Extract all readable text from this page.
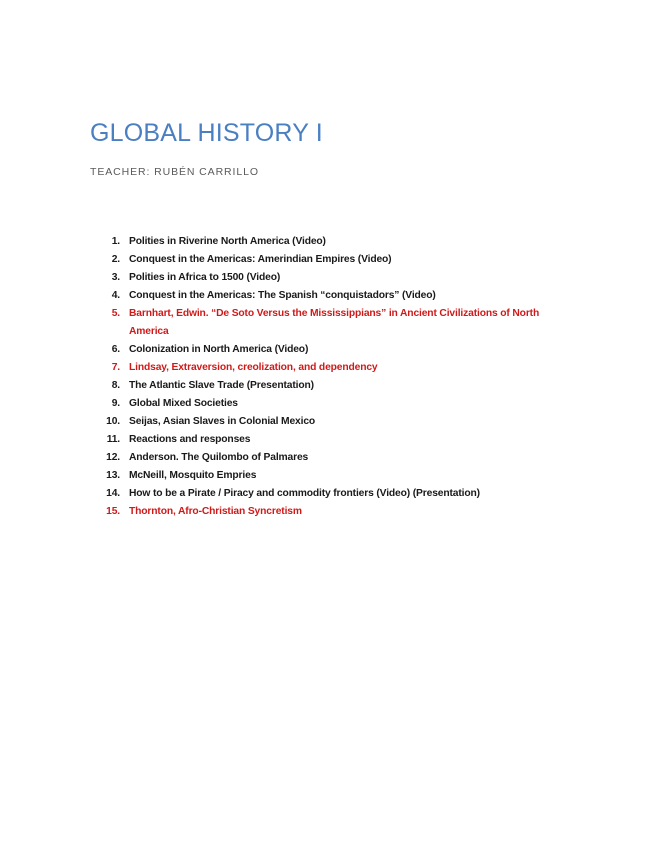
GLOBAL HISTORY I

TEACHER: RUBÉN CARRILLO

1. Polities in Riverine North America (Video)
2. Conquest in the Americas: Amerindian Empires (Video)
3. Polities in Africa to 1500 (Video)
4. Conquest in the Americas: The Spanish “conquistadors” (Video)
5. Barnhart, Edwin. “De Soto Versus the Mississippians” in Ancient Civilizations of North America
6. Colonization in North America (Video)
7. Lindsay, Extraversion, creolization, and dependency
8. The Atlantic Slave Trade (Presentation)
9. Global Mixed Societies
10. Seijas, Asian Slaves in Colonial Mexico
11. Reactions and responses
12. Anderson. The Quilombo of Palmares
13. McNeill, Mosquito Empries
14. How to be a Pirate / Piracy and commodity frontiers (Video) (Presentation)
15. Thornton, Afro-Christian Syncretism
